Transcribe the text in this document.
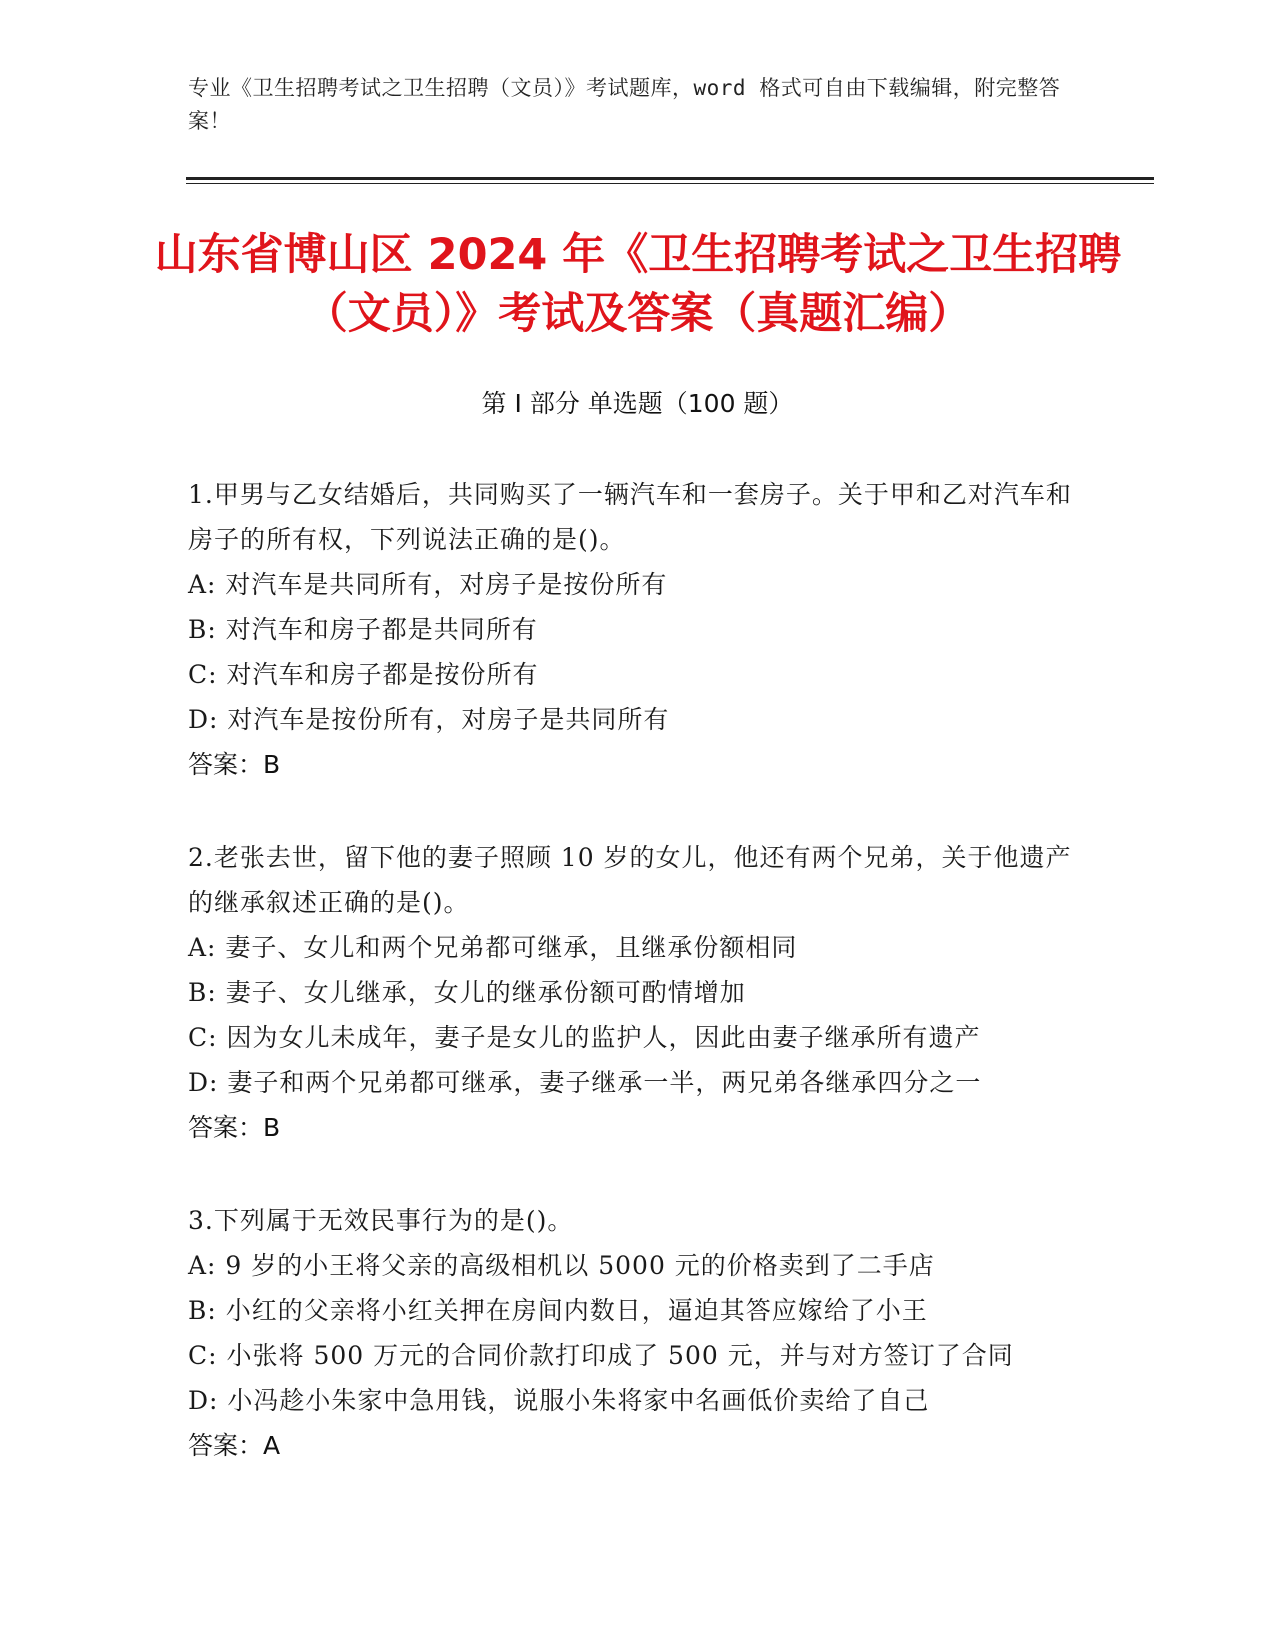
专业《卫生招聘考试之卫生招聘（文员）》考试题库，word 格式可自由下载编辑，附完整答案！
山东省博山区 2024 年《卫生招聘考试之卫生招聘（文员）》考试及答案（真题汇编）
第 I 部分 单选题（100 题）
1.甲男与乙女结婚后，共同购买了一辆汽车和一套房子。关于甲和乙对汽车和房子的所有权，下列说法正确的是()。
A: 对汽车是共同所有，对房子是按份所有
B: 对汽车和房子都是共同所有
C: 对汽车和房子都是按份所有
D: 对汽车是按份所有，对房子是共同所有
答案：B
2.老张去世，留下他的妻子照顾 10 岁的女儿，他还有两个兄弟，关于他遗产的继承叙述正确的是()。
A: 妻子、女儿和两个兄弟都可继承，且继承份额相同
B: 妻子、女儿继承，女儿的继承份额可酌情增加
C: 因为女儿未成年，妻子是女儿的监护人，因此由妻子继承所有遗产
D: 妻子和两个兄弟都可继承，妻子继承一半，两兄弟各继承四分之一
答案：B
3.下列属于无效民事行为的是()。
A: 9 岁的小王将父亲的高级相机以 5000 元的价格卖到了二手店
B: 小红的父亲将小红关押在房间内数日，逼迫其答应嫁给了小王
C: 小张将 500 万元的合同价款打印成了 500 元，并与对方签订了合同
D: 小冯趁小朱家中急用钱，说服小朱将家中名画低价卖给了自己
答案：A
